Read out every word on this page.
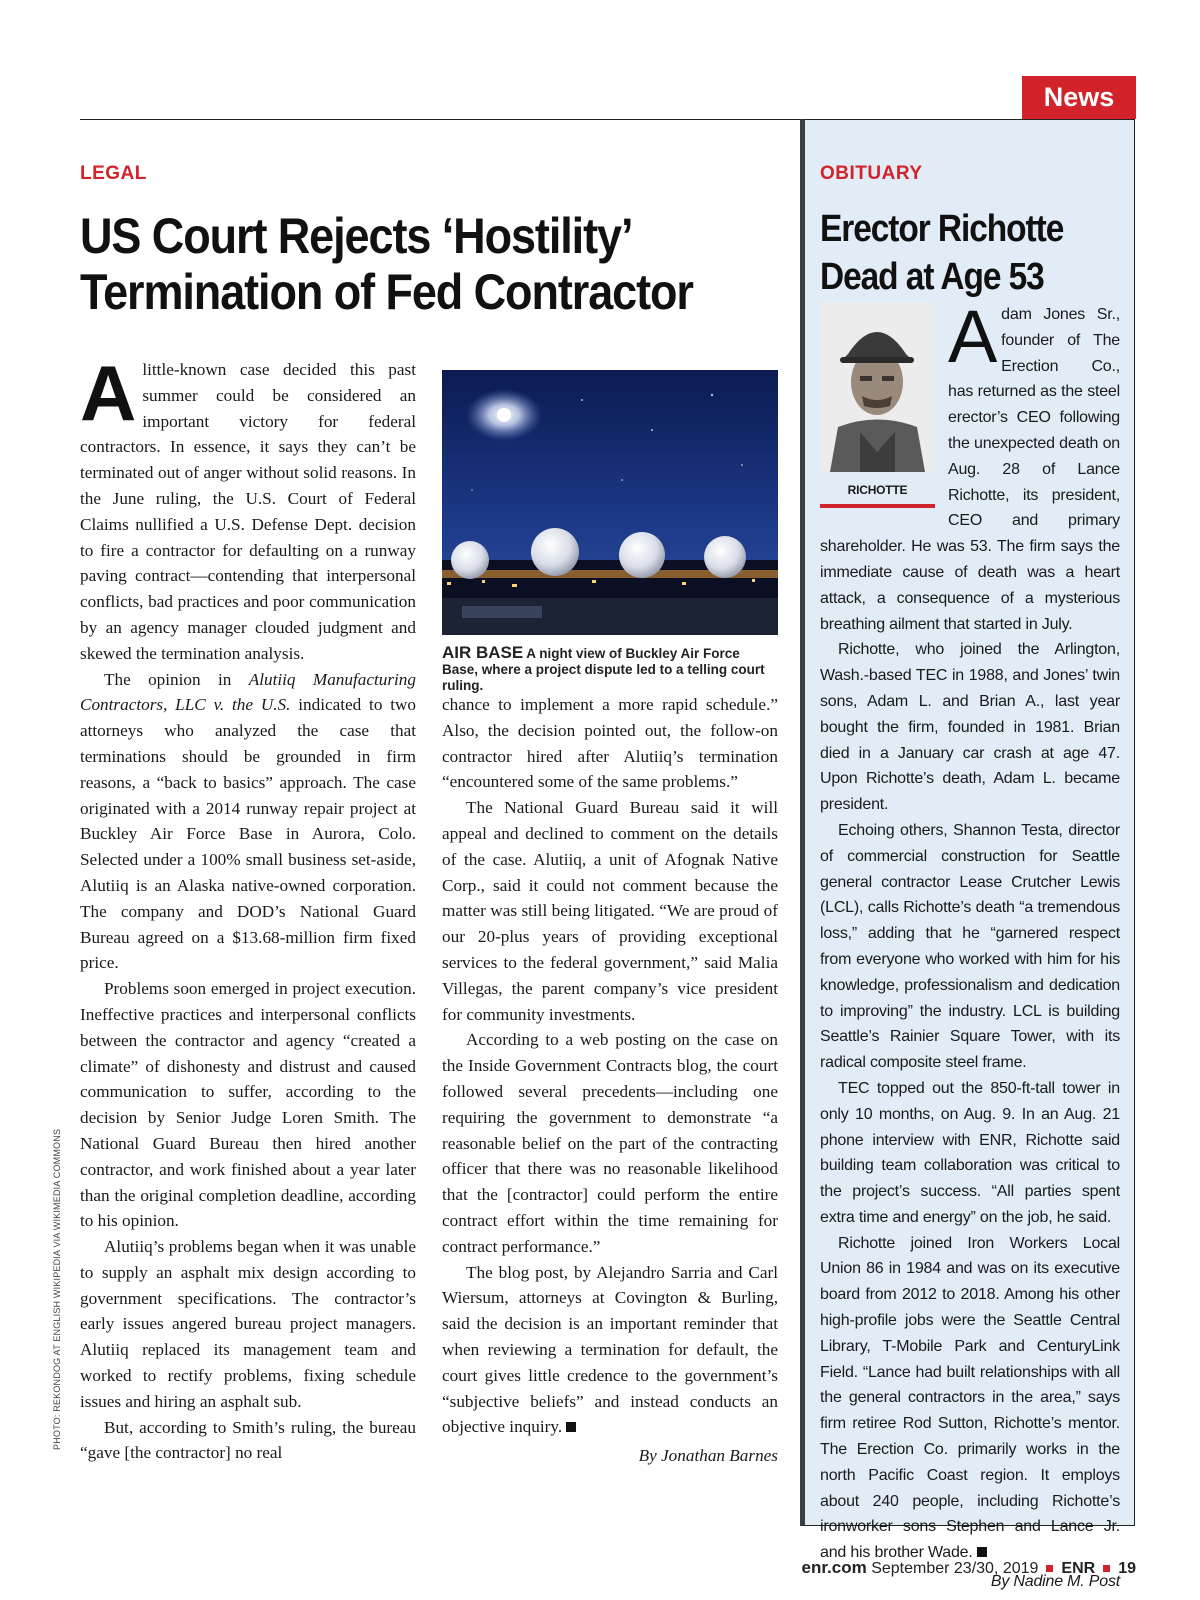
News
LEGAL
US Court Rejects ‘Hostility’ Termination of Fed Contractor

Alittle-known case decided this past summer could be considered an important victory for federal contractors. In essence, it says they can’t be terminated out of anger without solid reasons. In the June ruling, the U.S. Court of Federal Claims nullified a U.S. Defense Dept. decision to fire a contractor for defaulting on a runway paving contract—contending that interpersonal conflicts, bad practices and poor communication by an agency manager clouded judgment and skewed the termination analysis.

The opinion in Alutiiq Manufacturing Contractors, LLC v. the U.S. indicated to two attorneys who analyzed the case that terminations should be grounded in firm reasons, a “back to basics” approach. The case originated with a 2014 runway repair project at Buckley Air Force Base in Aurora, Colo. Selected under a 100% small business set-aside, Alutiiq is an Alaska native-owned corporation. The company and DOD’s National Guard Bureau agreed on a $13.68-million firm fixed price.

Problems soon emerged in project execution. Ineffective practices and interpersonal conflicts between the contractor and agency “created a climate” of dishonesty and distrust and caused communication to suffer, according to the decision by Senior Judge Loren Smith. The National Guard Bureau then hired another contractor, and work finished about a year later than the original completion deadline, according to his opinion.

Alutiiq’s problems began when it was unable to supply an asphalt mix design according to government specifications. The contractor’s early issues angered bureau project managers. Alutiiq replaced its management team and worked to rectify problems, fixing schedule issues and hiring an asphalt sub.

But, according to Smith’s ruling, the bureau “gave [the contractor] no real

AIR BASE A night view of Buckley Air Force Base, where a project dispute led to a telling court ruling.

chance to implement a more rapid schedule.” Also, the decision pointed out, the follow-on contractor hired after Alutiiq’s termination “encountered some of the same problems.”

The National Guard Bureau said it will appeal and declined to comment on the details of the case. Alutiiq, a unit of Afognak Native Corp., said it could not comment because the matter was still being litigated. “We are proud of our 20-plus years of providing exceptional services to the federal government,” said Malia Villegas, the parent company’s vice president for community investments.

According to a web posting on the case on the Inside Government Contracts blog, the court followed several precedents—including one requiring the government to demonstrate “a reasonable belief on the part of the contracting officer that there was no reasonable likelihood that the [contractor] could perform the entire contract effort within the time remaining for contract performance.”

The blog post, by Alejandro Sarria and Carl Wiersum, attorneys at Covington & Burling, said the decision is an important reminder that when reviewing a termination for default, the court gives little credence to the government’s “subjective beliefs” and instead conducts an objective inquiry.

By Jonathan Barnes
PHOTO: REKONDOG AT ENGLISH WIKIPEDIA VIA WIKIMEDIA COMMONS
OBITUARY
Erector Richotte Dead at Age 53
RICHOTTE

Adam Jones Sr., founder of The Erection Co., has returned as the steel erector’s CEO following the unexpected death on Aug. 28 of Lance Richotte, its president, CEO and primary shareholder. He was 53. The firm says the immediate cause of death was a heart attack, a consequence of a mysterious breathing ailment that started in July.

Richotte, who joined the Arlington, Wash.-based TEC in 1988, and Jones’ twin sons, Adam L. and Brian A., last year bought the firm, founded in 1981. Brian died in a January car crash at age 47. Upon Richotte’s death, Adam L. became president.

Echoing others, Shannon Testa, director of commercial construction for Seattle general contractor Lease Crutcher Lewis (LCL), calls Richotte’s death “a tremendous loss,” adding that he “garnered respect from everyone who worked with him for his knowledge, professionalism and dedication to improving” the industry. LCL is building Seattle’s Rainier Square Tower, with its radical composite steel frame.

TEC topped out the 850-ft-tall tower in only 10 months, on Aug. 9. In an Aug. 21 phone interview with ENR, Richotte said building team collaboration was critical to the project’s success. “All parties spent extra time and energy” on the job, he said.

Richotte joined Iron Workers Local Union 86 in 1984 and was on its executive board from 2012 to 2018. Among his other high-profile jobs were the Seattle Central Library, T-Mobile Park and CenturyLink Field. “Lance had built relationships with all the general contractors in the area,” says firm retiree Rod Sutton, Richotte’s mentor. The Erection Co. primarily works in the north Pacific Coast region. It employs about 240 people, including Richotte’s ironworker sons Stephen and Lance Jr. and his brother Wade.

By Nadine M. Post
enr.com September 23/30, 2019 ENR 19
